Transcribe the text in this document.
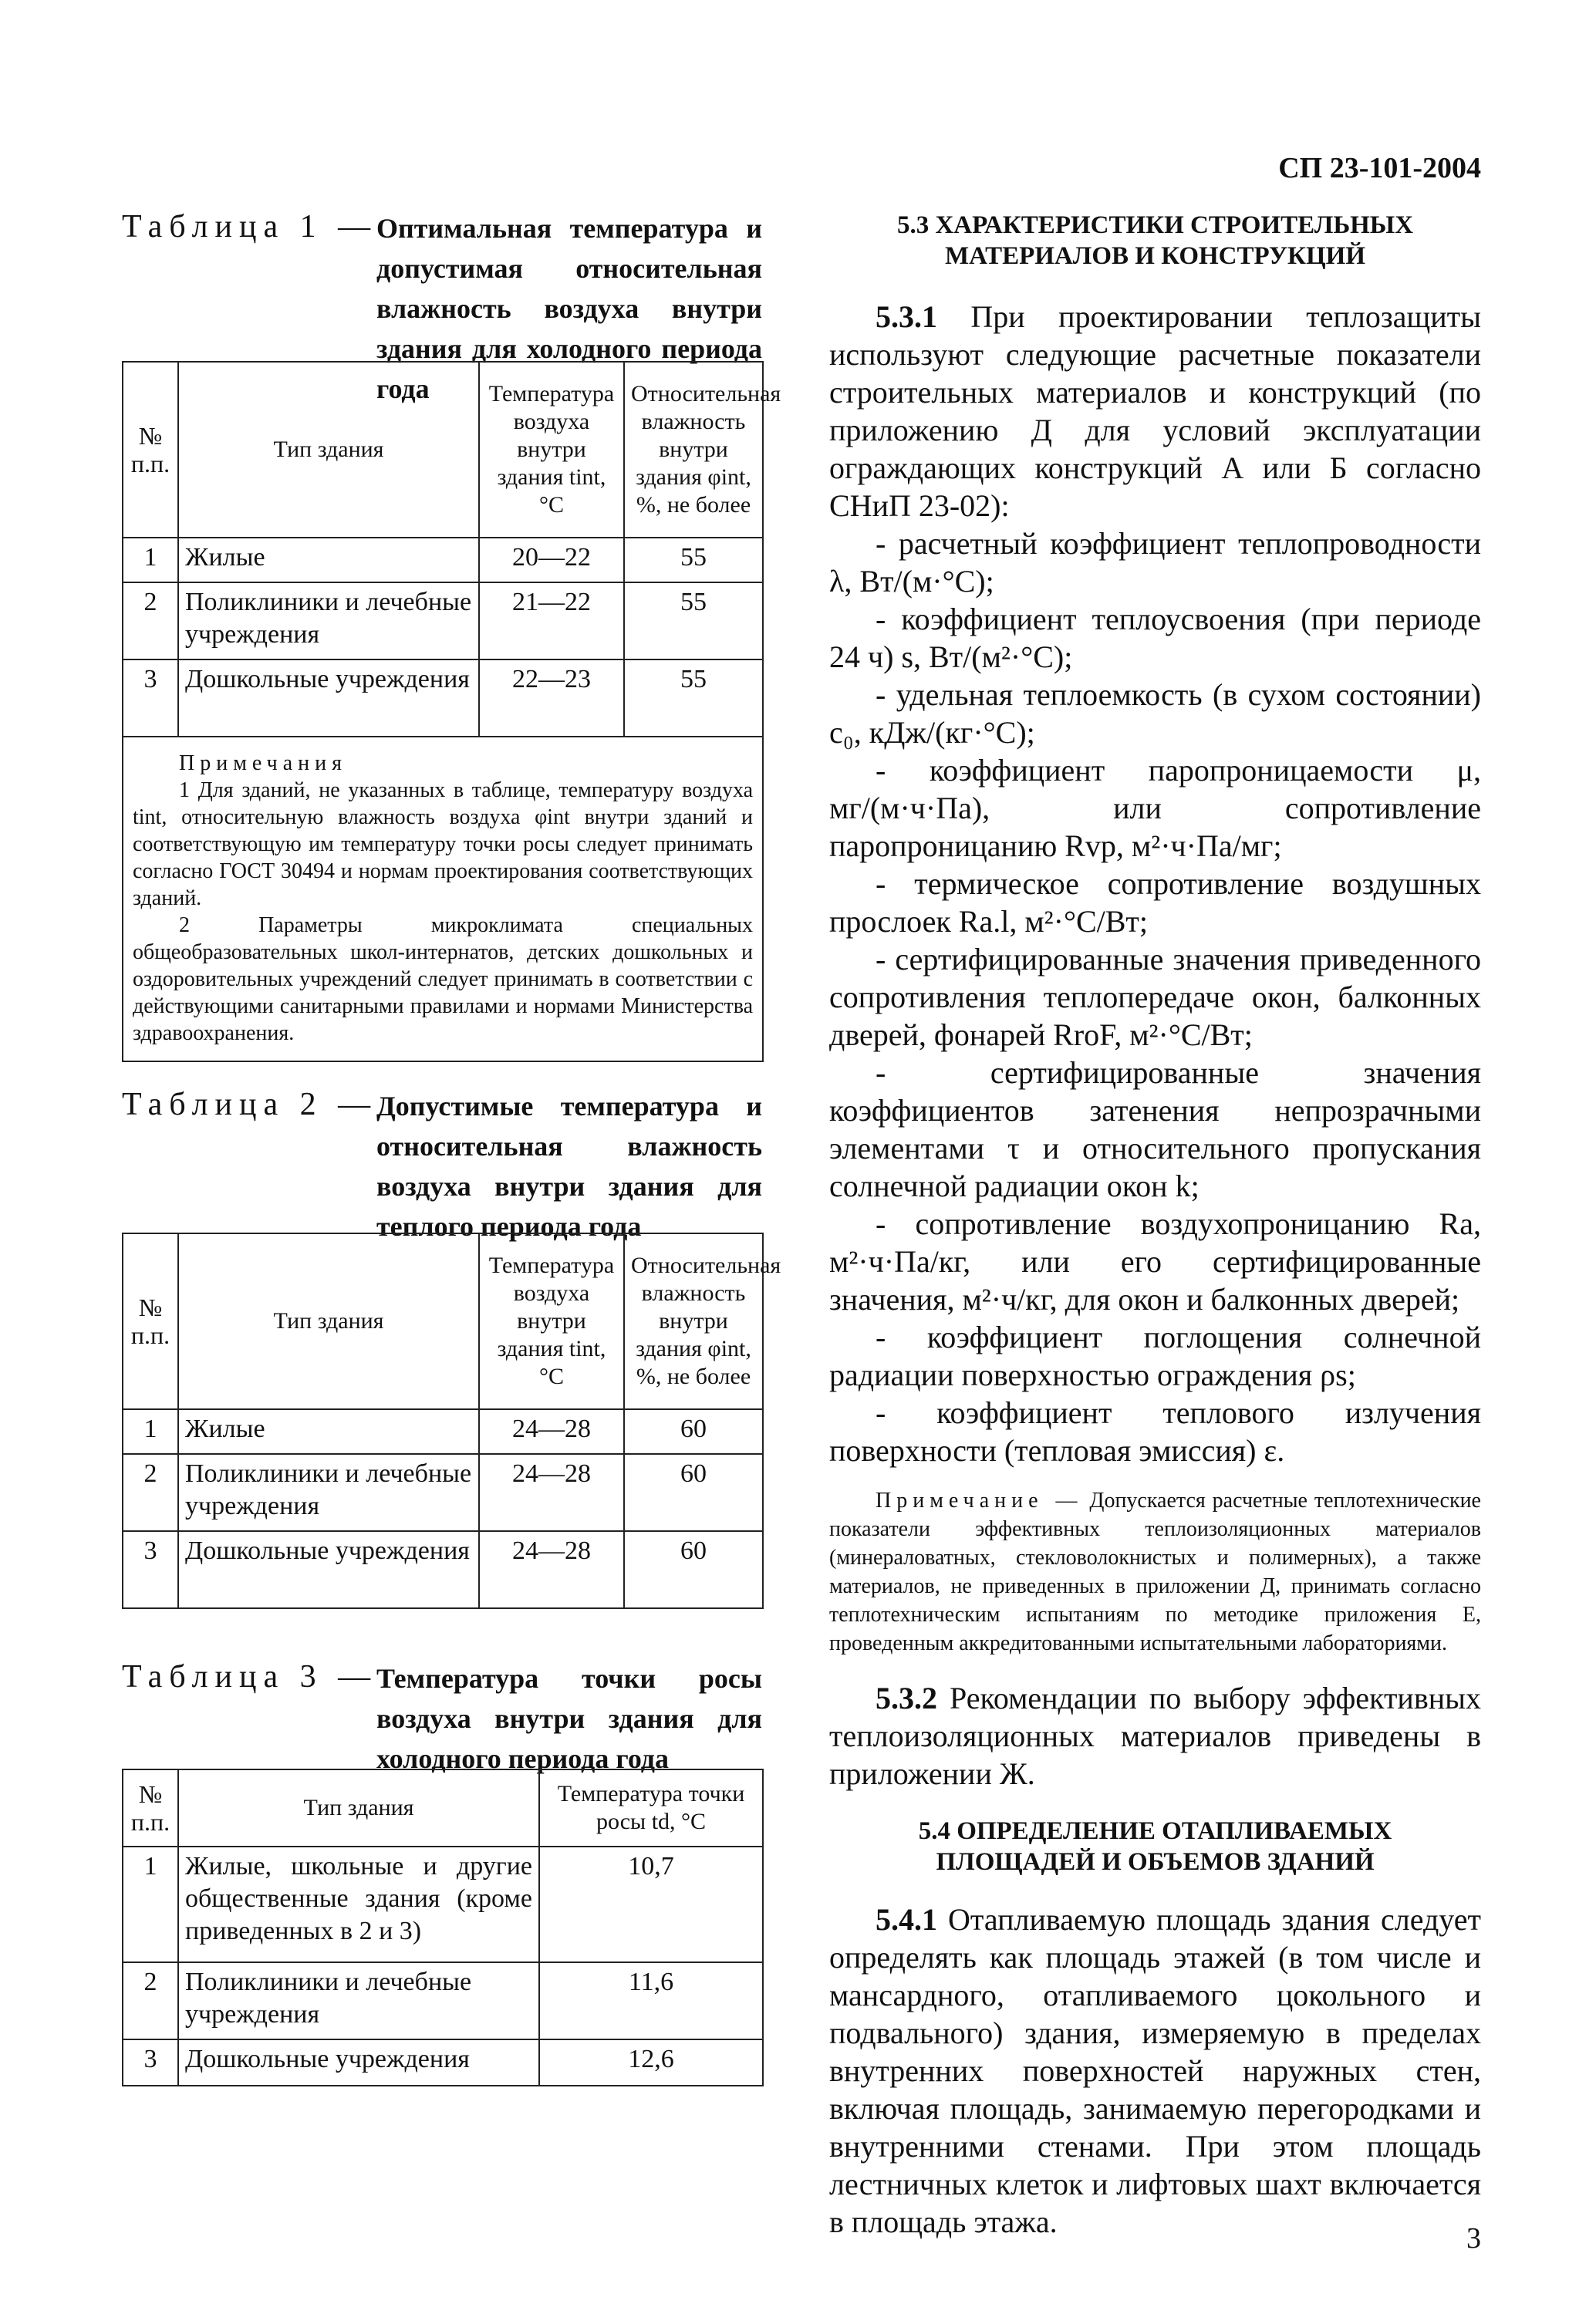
СП 23-101-2004
3
Таблица 1 —
Оптимальная температура и допустимая относительная влажность воздуха внутри здания для холодного периода года
№ п.п.	Тип здания	Температура воздуха внутри здания tint, °С	Относительная влажность внутри здания φint, %, не более
1	Жилые	20—22	55
2	Поликлиники и лечебные учреждения	21—22	55
3	Дошкольные учреждения	22—23	55

Примечания
1 Для зданий, не указанных в таблице, температуру воздуха tint, относительную влажность воздуха φint внутри зданий и соответствующую им температуру точки росы следует принимать согласно ГОСТ 30494 и нормам проектирования соответствующих зданий.
2 Параметры микроклимата специальных общеобразовательных школ-интернатов, детских дошкольных и оздоровительных учреждений следует принимать в соответствии с действующими санитарными правилами и нормами Министерства здравоохранения.			
Таблица 2 —
Допустимые температура и относительная влажность воздуха внутри здания для теплого периода года
№ п.п.	Тип здания	Температура воздуха внутри здания tint, °С	Относительная влажность внутри здания φint, %, не более
1	Жилые	24—28	60
2	Поликлиники и лечебные учреждения	24—28	60
3	Дошкольные учреждения	24—28	60
Таблица 3 —
Температура точки росы воздуха внутри здания для холодного периода года
№ п.п.	Тип здания	Температура точки росы td, °С
1	Жилые, школьные и другие общественные здания (кроме приведенных в 2 и 3)	10,7
2	Поликлиники и лечебные учреждения	11,6
3	Дошкольные учреждения	12,6
5.3 ХАРАКТЕРИСТИКИ СТРОИТЕЛЬНЫХ МАТЕРИАЛОВ И КОНСТРУКЦИЙ
5.3.1 При проектировании теплозащиты используют следующие расчетные показатели строительных материалов и конструкций (по приложению Д для условий эксплуатации ограждающих конструкций А или Б согласно СНиП 23-02):
- расчетный коэффициент теплопроводности λ, Вт/(м·°С);
- коэффициент теплоусвоения (при периоде 24 ч) s, Вт/(м²·°С);
- удельная теплоемкость (в сухом состоянии) c₀, кДж/(кг·°С);
- коэффициент паропроницаемости μ, мг/(м·ч·Па), или сопротивление паропроницанию Rvp, м²·ч·Па/мг;
- термическое сопротивление воздушных прослоек Ra.l, м²·°С/Вт;
- сертифицированные значения приведенного сопротивления теплопередаче окон, балконных дверей, фонарей RrоF, м²·°С/Вт;
- сертифицированные значения коэффициентов затенения непрозрачными элементами τ и относительного пропускания солнечной радиации окон k;
- сопротивление воздухопроницанию Ra, м²·ч·Па/кг, или его сертифицированные значения, м²·ч/кг, для окон и балконных дверей;
- коэффициент поглощения солнечной радиации поверхностью ограждения ρs;
- коэффициент теплового излучения поверхности (тепловая эмиссия) ε.
Примечание — Допускается расчетные теплотехнические показатели эффективных теплоизоляционных материалов (минераловатных, стекловолокнистых и полимерных), а также материалов, не приведенных в приложении Д, принимать согласно теплотехническим испытаниям по методике приложения Е, проведенным аккредитованными испытательными лабораториями.
5.3.2 Рекомендации по выбору эффективных теплоизоляционных материалов приведены в приложении Ж.
5.4 ОПРЕДЕЛЕНИЕ ОТАПЛИВАЕМЫХ ПЛОЩАДЕЙ И ОБЪЕМОВ ЗДАНИЙ
5.4.1 Отапливаемую площадь здания следует определять как площадь этажей (в том числе и мансардного, отапливаемого цокольного и подвального) здания, измеряемую в пределах внутренних поверхностей наружных стен, включая площадь, занимаемую перегородками и внутренними стенами. При этом площадь лестничных клеток и лифтовых шахт включается в площадь этажа.
